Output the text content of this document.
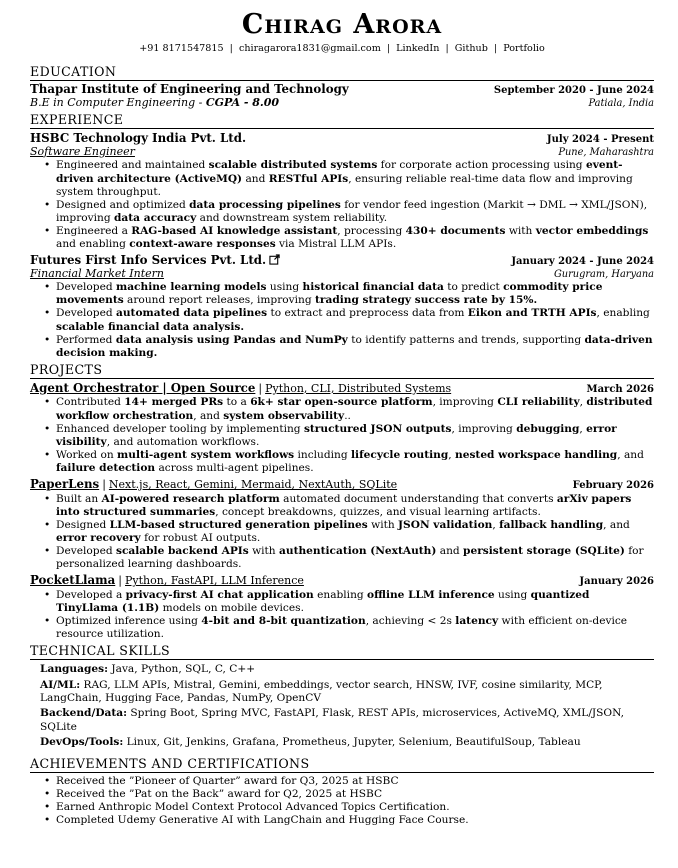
Chirag Arora
+91 8171547815 | chiragarora1831@gmail.com | LinkedIn | Github | Portfolio
EDUCATION
Thapar Institute of Engineering and Technology	September 2020 - June 2024
B.E in Computer Engineering - CGPA - 8.00	Patiala, India
EXPERIENCE
HSBC Technology India Pvt. Ltd.	July 2024 - Present
Software Engineer	Pune, Maharashtra
• Engineered and maintained scalable distributed systems for corporate action processing using event-driven architecture (ActiveMQ) and RESTful APIs, ensuring reliable real-time data flow and improving system throughput.
• Designed and optimized data processing pipelines for vendor feed ingestion (Markit → DML → XML/JSON), improving data accuracy and downstream system reliability.
• Engineered a RAG-based AI knowledge assistant, processing 430+ documents with vector embeddings and enabling context-aware responses via Mistral LLM APIs.
Futures First Info Services Pvt. Ltd.	January 2024 - June 2024
Financial Market Intern	Gurugram, Haryana
• Developed machine learning models using historical financial data to predict commodity price movements around report releases, improving trading strategy success rate by 15%.
• Developed automated data pipelines to extract and preprocess data from Eikon and TRTH APIs, enabling scalable financial data analysis.
• Performed data analysis using Pandas and NumPy to identify patterns and trends, supporting data-driven decision making.
PROJECTS
Agent Orchestrator | Open Source | Python, CLI, Distributed Systems	March 2026
• Contributed 14+ merged PRs to a 6k+ star open-source platform, improving CLI reliability, distributed workflow orchestration, and system observability..
• Enhanced developer tooling by implementing structured JSON outputs, improving debugging, error visibility, and automation workflows.
• Worked on multi-agent system workflows including lifecycle routing, nested workspace handling, and failure detection across multi-agent pipelines.
PaperLens | Next.js, React, Gemini, Mermaid, NextAuth, SQLite	February 2026
• Built an AI-powered research platform automated document understanding that converts arXiv papers into structured summaries, concept breakdowns, quizzes, and visual learning artifacts.
• Designed LLM-based structured generation pipelines with JSON validation, fallback handling, and error recovery for robust AI outputs.
• Developed scalable backend APIs with authentication (NextAuth) and persistent storage (SQLite) for personalized learning dashboards.
PocketLlama | Python, FastAPI, LLM Inference	January 2026
• Developed a privacy-first AI chat application enabling offline LLM inference using quantized TinyLlama (1.1B) models on mobile devices.
• Optimized inference using 4-bit and 8-bit quantization, achieving < 2s latency with efficient on-device resource utilization.
TECHNICAL SKILLS
Languages: Java, Python, SQL, C, C++
AI/ML: RAG, LLM APIs, Mistral, Gemini, embeddings, vector search, HNSW, IVF, cosine similarity, MCP, LangChain, Hugging Face, Pandas, NumPy, OpenCV
Backend/Data: Spring Boot, Spring MVC, FastAPI, Flask, REST APIs, microservices, ActiveMQ, XML/JSON, SQLite
DevOps/Tools: Linux, Git, Jenkins, Grafana, Prometheus, Jupyter, Selenium, BeautifulSoup, Tableau
ACHIEVEMENTS AND CERTIFICATIONS
• Received the ”Pioneer of Quarter” award for Q3, 2025 at HSBC
• Received the ”Pat on the Back” award for Q2, 2025 at HSBC
• Earned Anthropic Model Context Protocol Advanced Topics Certification.
• Completed Udemy Generative AI with LangChain and Hugging Face Course.
